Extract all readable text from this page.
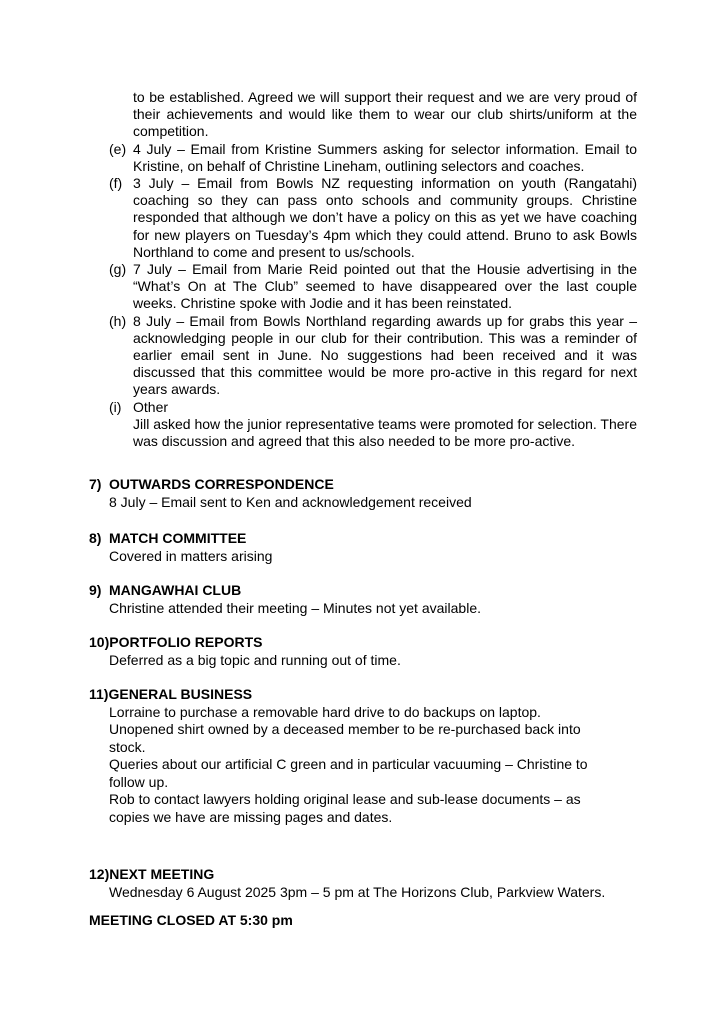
to be established. Agreed we will support their request and we are very proud of their achievements and would like them to wear our club shirts/uniform at the competition.
(e) 4 July – Email from Kristine Summers asking for selector information. Email to Kristine, on behalf of Christine Lineham, outlining selectors and coaches.
(f) 3 July – Email from Bowls NZ requesting information on youth (Rangatahi) coaching so they can pass onto schools and community groups. Christine responded that although we don’t have a policy on this as yet we have coaching for new players on Tuesday’s 4pm which they could attend. Bruno to ask Bowls Northland to come and present to us/schools.
(g) 7 July – Email from Marie Reid pointed out that the Housie advertising in the “What’s On at The Club” seemed to have disappeared over the last couple weeks. Christine spoke with Jodie and it has been reinstated.
(h) 8 July – Email from Bowls Northland regarding awards up for grabs this year – acknowledging people in our club for their contribution. This was a reminder of earlier email sent in June. No suggestions had been received and it was discussed that this committee would be more pro-active in this regard for next years awards.
(i) Other
Jill asked how the junior representative teams were promoted for selection. There was discussion and agreed that this also needed to be more pro-active.
7) OUTWARDS CORRESPONDENCE
8 July – Email sent to Ken and acknowledgement received
8) MATCH COMMITTEE
Covered in matters arising
9) MANGAWHAI CLUB
Christine attended their meeting – Minutes not yet available.
10) PORTFOLIO REPORTS
Deferred as a big topic and running out of time.
11) GENERAL BUSINESS
Lorraine to purchase a removable hard drive to do backups on laptop.
Unopened shirt owned by a deceased member to be re-purchased back into stock.
Queries about our artificial C green and in particular vacuuming – Christine to follow up.
Rob to contact lawyers holding original lease and sub-lease documents – as copies we have are missing pages and dates.
12) NEXT MEETING
Wednesday 6 August 2025 3pm – 5 pm at The Horizons Club, Parkview Waters.
MEETING CLOSED AT 5:30 pm
